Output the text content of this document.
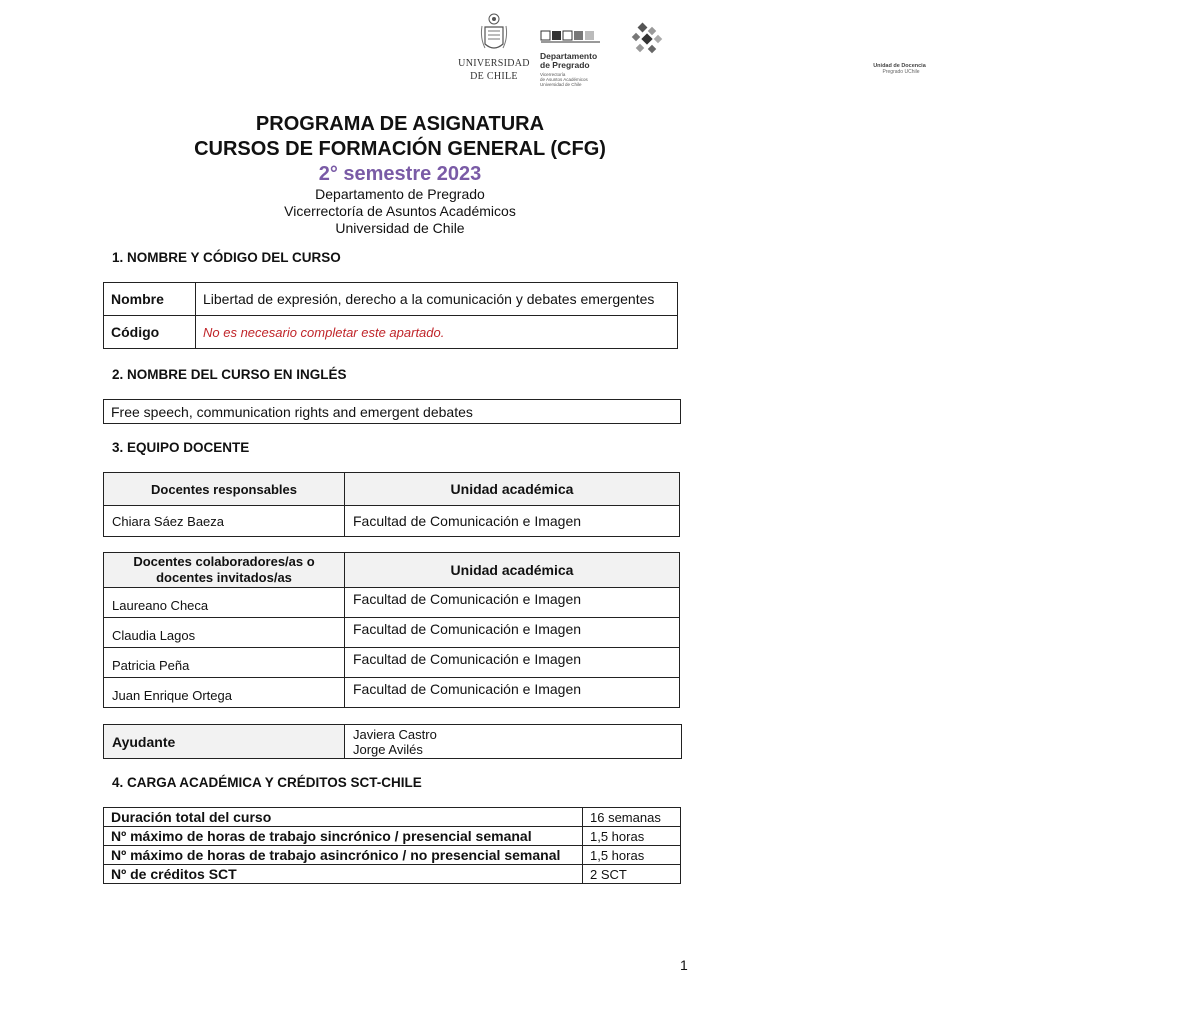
UNIVERSIDAD
DE CHILE
Departamento
de Pregrado
Vicerrectoría
de Asuntos Académicos
Universidad de Chile
Unidad de Docencia
Pregrado UChile
PROGRAMA DE ASIGNATURA
CURSOS DE FORMACIÓN GENERAL (CFG)
2° semestre 2023
Departamento de Pregrado
Vicerrectoría de Asuntos Académicos
Universidad de Chile
1. NOMBRE Y CÓDIGO DEL CURSO
Nombre	Libertad de expresión, derecho a la comunicación y debates emergentes
Código	No es necesario completar este apartado.
2. NOMBRE DEL CURSO EN INGLÉS
Free speech, communication rights and emergent debates
3. EQUIPO DOCENTE
Docentes responsables	Unidad académica
Chiara Sáez Baeza	Facultad de Comunicación e Imagen
Docentes colaboradores/as o
docentes invitados/as	Unidad académica
Laureano Checa	Facultad de Comunicación e Imagen
Claudia Lagos	Facultad de Comunicación e Imagen
Patricia Peña	Facultad de Comunicación e Imagen
Juan Enrique Ortega	Facultad de Comunicación e Imagen
Ayudante	Javiera Castro
Jorge Avilés
4. CARGA ACADÉMICA Y CRÉDITOS SCT-CHILE
Duración total del curso	16 semanas
Nº máximo de horas de trabajo sincrónico / presencial semanal	1,5 horas
Nº máximo de horas de trabajo asincrónico / no presencial semanal	1,5 horas
Nº de créditos SCT	2 SCT
1
